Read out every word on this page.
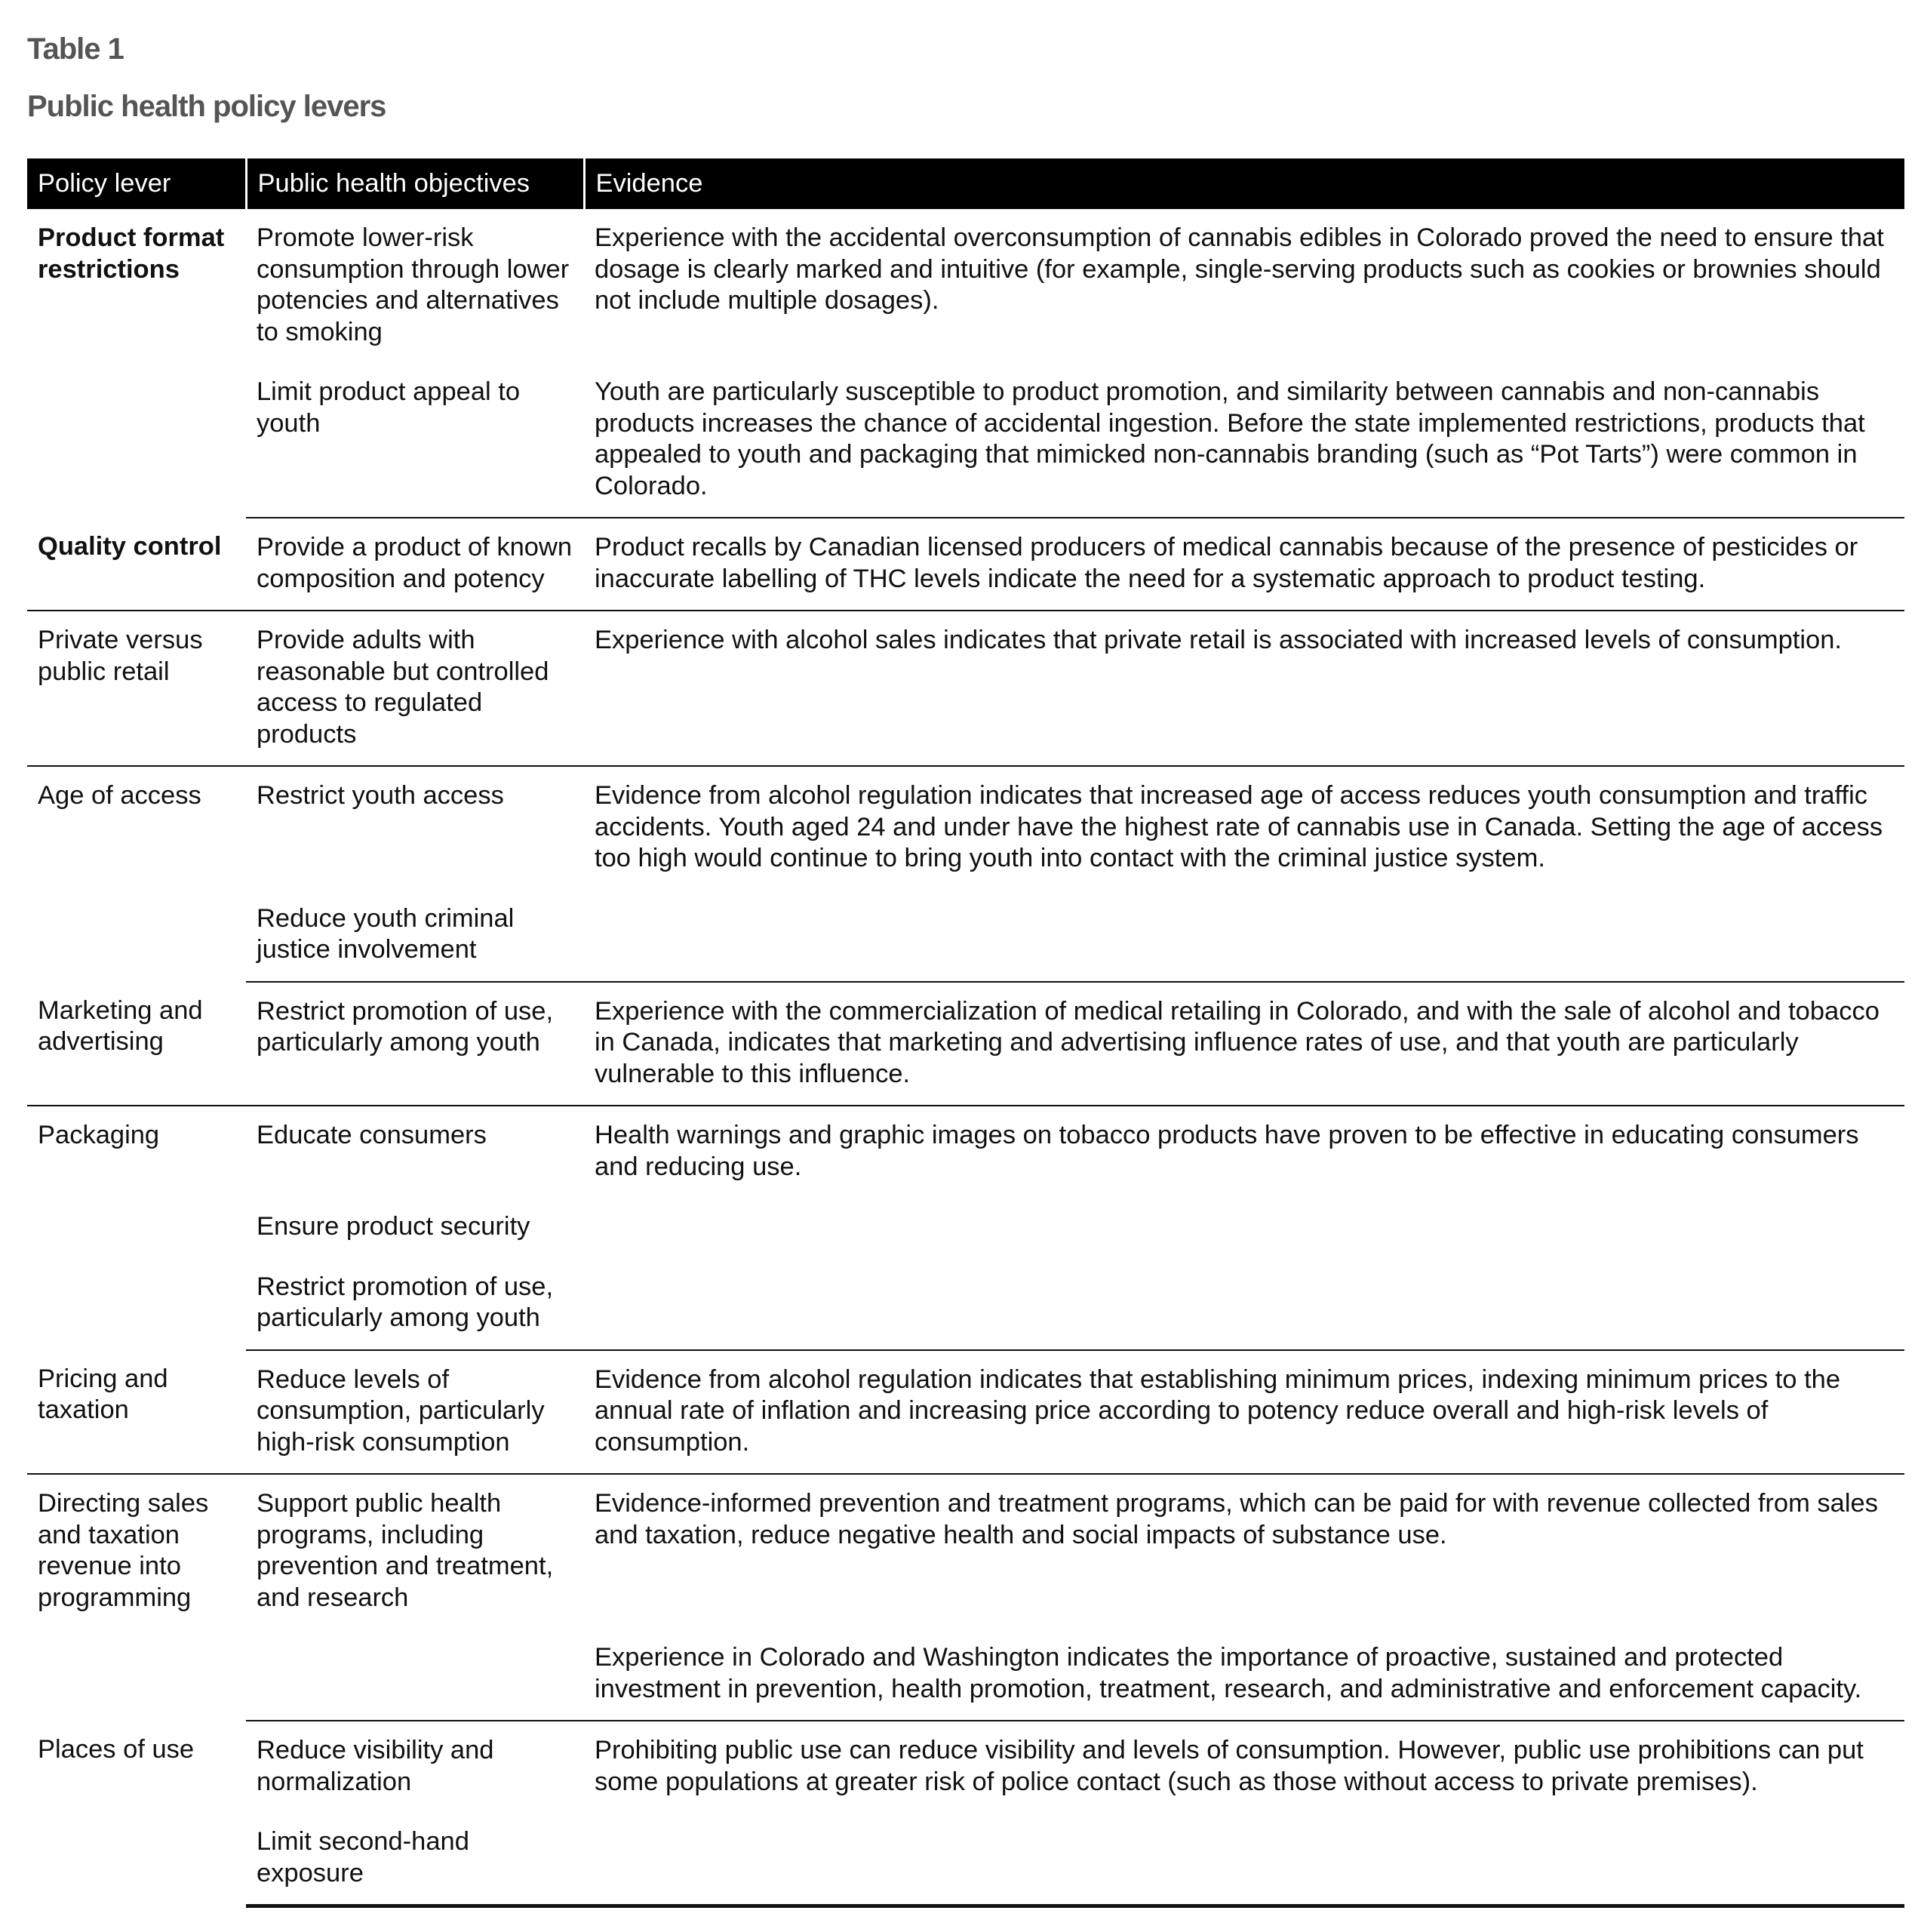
Table 1
Public health policy levers
Policy lever	Public health objectives	Evidence

Product format restrictions	Promote lower-risk consumption through lower potencies and alternatives to smoking	Experience with the accidental overconsumption of cannabis edibles in Colorado proved the need to ensure that dosage is clearly marked and intuitive (for example, single-serving products such as cookies or brownies should not include multiple dosages).

	Limit product appeal to youth	Youth are particularly susceptible to product promotion, and similarity between cannabis and non-cannabis products increases the chance of accidental ingestion. Before the state implemented restrictions, products that appealed to youth and packaging that mimicked non-cannabis branding (such as “Pot Tarts”) were common in Colorado.

Quality control	Provide a product of known composition and potency	Product recalls by Canadian licensed producers of medical cannabis because of the presence of pesticides or inaccurate labelling of THC levels indicate the need for a systematic approach to product testing.

Private versus public retail	Provide adults with reasonable but controlled access to regulated products	Experience with alcohol sales indicates that private retail is associated with increased levels of consumption.

Age of access	Restrict youth access	Evidence from alcohol regulation indicates that increased age of access reduces youth consumption and traffic accidents. Youth aged 24 and under have the highest rate of cannabis use in Canada. Setting the age of access too high would continue to bring youth into contact with the criminal justice system.

	Reduce youth criminal justice involvement	

Marketing and advertising	Restrict promotion of use, particularly among youth	Experience with the commercialization of medical retailing in Colorado, and with the sale of alcohol and tobacco in Canada, indicates that marketing and advertising influence rates of use, and that youth are particularly vulnerable to this influence.

Packaging	Educate consumers	Health warnings and graphic images on tobacco products have proven to be effective in educating consumers and reducing use.

	Ensure product security	

	Restrict promotion of use, particularly among youth	

Pricing and taxation	Reduce levels of consumption, particularly high-risk consumption	Evidence from alcohol regulation indicates that establishing minimum prices, indexing minimum prices to the annual rate of inflation and increasing price according to potency reduce overall and high-risk levels of consumption.

Directing sales and taxation revenue into programming	Support public health programs, including prevention and treatment, and research	Evidence-informed prevention and treatment programs, which can be paid for with revenue collected from sales and taxation, reduce negative health and social impacts of substance use.

		Experience in Colorado and Washington indicates the importance of proactive, sustained and protected investment in prevention, health promotion, treatment, research, and administrative and enforcement capacity.

Places of use	Reduce visibility and normalization	Prohibiting public use can reduce visibility and levels of consumption. However, public use prohibitions can put some populations at greater risk of police contact (such as those without access to private premises).

	Limit second-hand exposure	
